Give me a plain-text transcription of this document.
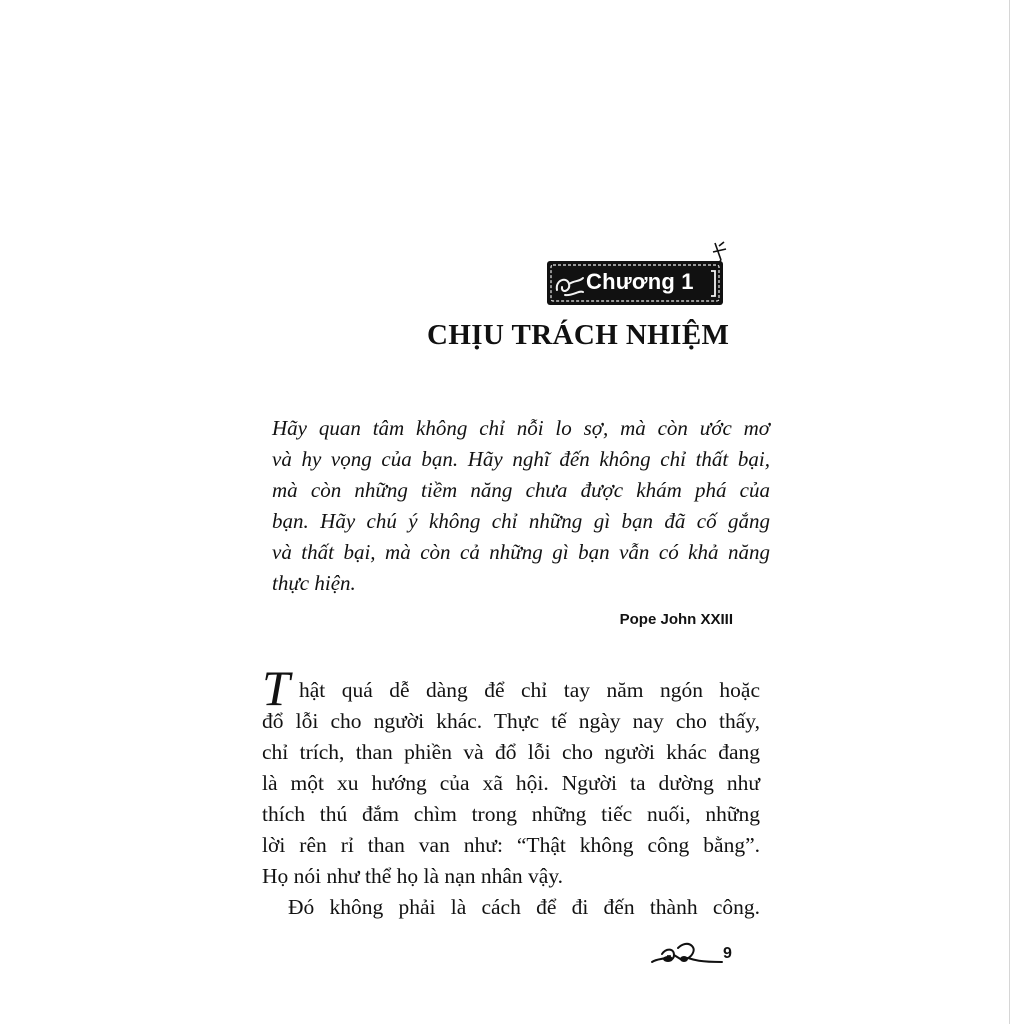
Chương 1
CHỊU TRÁCH NHIỆM
Hãy quan tâm không chỉ nỗi lo sợ, mà còn ước mơ
và hy vọng của bạn. Hãy nghĩ đến không chỉ thất bại,
mà còn những tiềm năng chưa được khám phá của
bạn. Hãy chú ý không chỉ những gì bạn đã cố gắng
và thất bại, mà còn cả những gì bạn vẫn có khả năng
thực hiện.
Pope John XXIII
T hật quá dễ dàng để chỉ tay năm ngón hoặc
đổ lỗi cho người khác. Thực tế ngày nay cho thấy,
chỉ trích, than phiền và đổ lỗi cho người khác đang
là một xu hướng của xã hội. Người ta dường như
thích thú đắm chìm trong những tiếc nuối, những
lời rên rỉ than van như: “Thật không công bằng”.
Họ nói như thể họ là nạn nhân vậy.
Đó không phải là cách để đi đến thành công.
9
